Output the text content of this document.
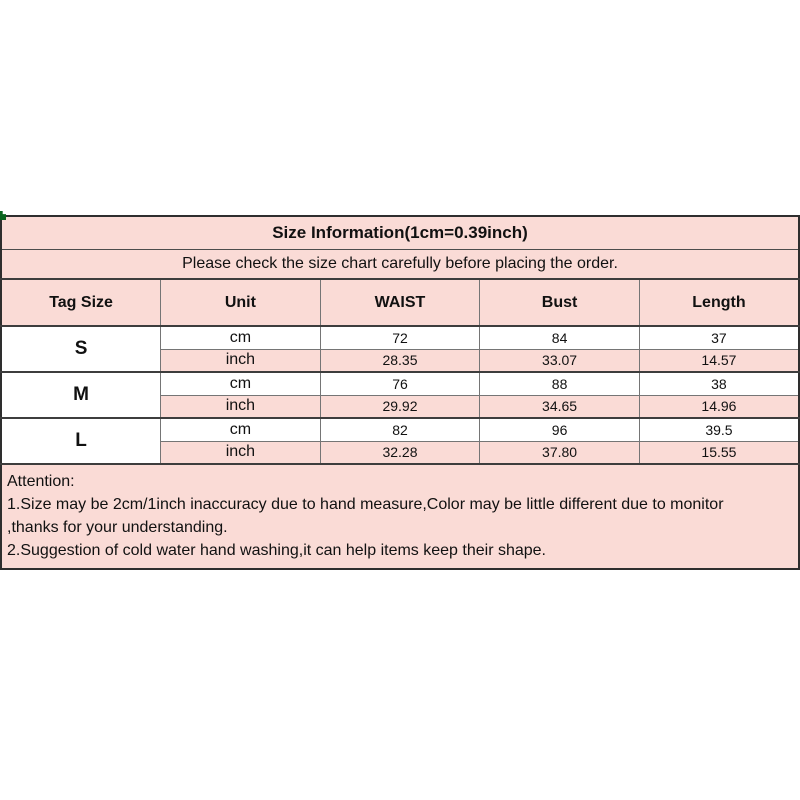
Size Information(1cm=0.39inch)				
Please check the size chart carefully before placing the order.				
Tag Size	Unit	WAIST	Bust	Length
S	cm	72	84	37
	inch	28.35	33.07	14.57
M	cm	76	88	38
	inch	29.92	34.65	14.96
L	cm	82	96	39.5
	inch	32.28	37.80	15.55

Attention:
1.Size may be 2cm/1inch inaccuracy due to hand measure,Color may be little different due to monitor
,thanks for your understanding.
2.Suggestion of cold water hand washing,it can help items keep their shape.				
